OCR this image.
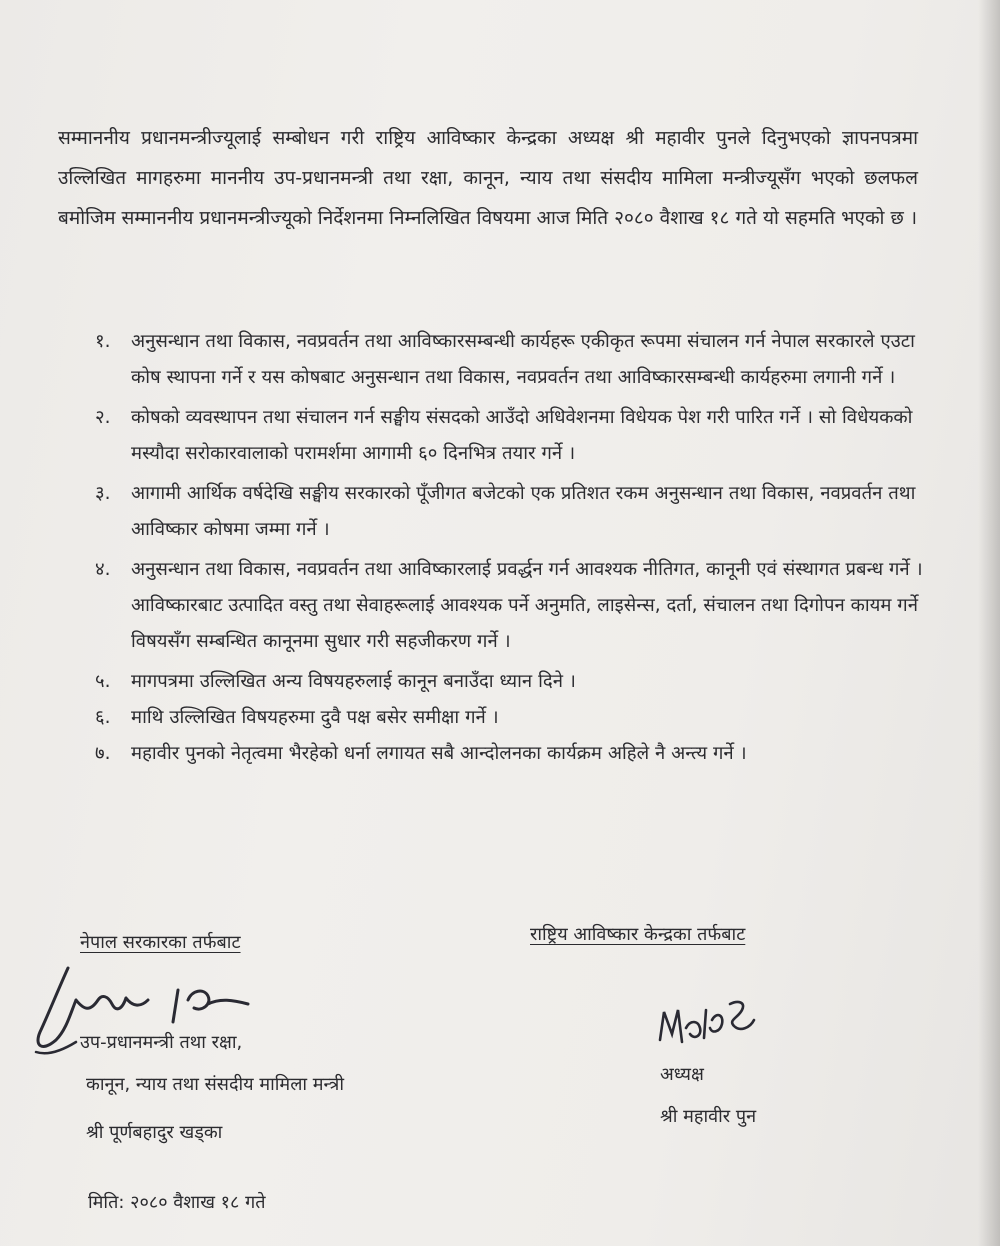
सम्माननीय प्रधानमन्त्रीज्यूलाई सम्बोधन गरी राष्ट्रिय आविष्कार केन्द्रका अध्यक्ष श्री महावीर पुनले दिनुभएको ज्ञापनपत्रमा उल्लिखित मागहरुमा माननीय उप-प्रधानमन्त्री तथा रक्षा, कानून, न्याय तथा संसदीय मामिला मन्त्रीज्यूसँग भएको छलफल बमोजिम सम्माननीय प्रधानमन्त्रीज्यूको निर्देशनमा निम्नलिखित विषयमा आज मिति २०८० वैशाख १८ गते यो सहमति भएको छ ।
१.	अनुसन्धान तथा विकास, नवप्रवर्तन तथा आविष्कारसम्बन्धी कार्यहरू एकीकृत रूपमा संचालन गर्न नेपाल सरकारले एउटा कोष स्थापना गर्ने र यस कोषबाट अनुसन्धान तथा विकास, नवप्रवर्तन तथा आविष्कारसम्बन्धी कार्यहरुमा लगानी गर्ने ।
२.	कोषको व्यवस्थापन तथा संचालन गर्न सङ्घीय संसदको आउँदो अधिवेशनमा विधेयक पेश गरी पारित गर्ने । सो विधेयकको मस्यौदा सरोकारवालाको परामर्शमा आगामी ६० दिनभित्र तयार गर्ने ।
३.	आगामी आर्थिक वर्षदेखि सङ्घीय सरकारको पूँजीगत बजेटको एक प्रतिशत रकम अनुसन्धान तथा विकास, नवप्रवर्तन तथा आविष्कार कोषमा जम्मा गर्ने ।
४.	अनुसन्धान तथा विकास, नवप्रवर्तन तथा आविष्कारलाई प्रवर्द्धन गर्न आवश्यक नीतिगत, कानूनी एवं संस्थागत प्रबन्ध गर्ने । आविष्कारबाट उत्पादित वस्तु तथा सेवाहरूलाई आवश्यक पर्ने अनुमति, लाइसेन्स, दर्ता, संचालन तथा दिगोपन कायम गर्ने विषयसँग सम्बन्धित कानूनमा सुधार गरी सहजीकरण गर्ने ।
५.	मागपत्रमा उल्लिखित अन्य विषयहरुलाई कानून बनाउँदा ध्यान दिने ।
६.	माथि उल्लिखित विषयहरुमा दुवै पक्ष बसेर समीक्षा गर्ने ।
७.	महावीर पुनको नेतृत्वमा भैरहेको धर्ना लगायत सबै आन्दोलनका कार्यक्रम अहिले नै अन्त्य गर्ने ।
नेपाल सरकारका तर्फबाट
उप-प्रधानमन्त्री तथा रक्षा,
कानून, न्याय तथा संसदीय मामिला मन्त्री
श्री पूर्णबहादुर खड्का
राष्ट्रिय आविष्कार केन्द्रका तर्फबाट
अध्यक्ष
श्री महावीर पुन
मिति: २०८० वैशाख १८ गते
